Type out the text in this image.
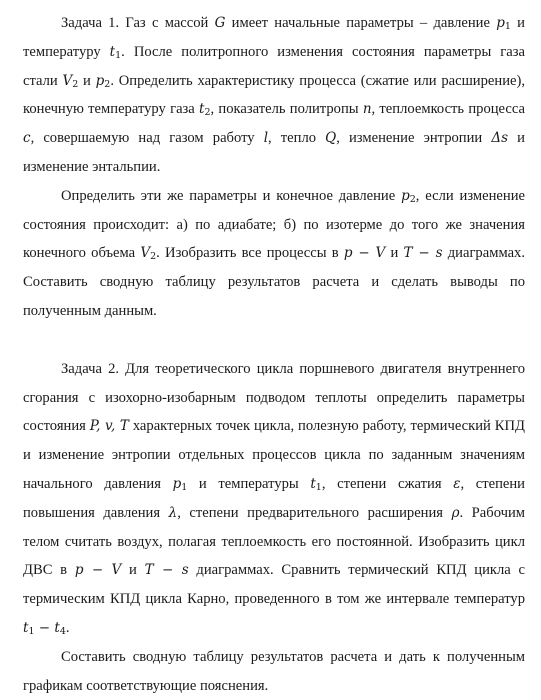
Задача 1. Газ с массой G имеет начальные параметры – давление $p_1$ и температуру $t_1$. После политропного изменения состояния параметры газа стали $V_2$ и $p_2$. Определить характеристику процесса (сжатие или расширение), конечную температуру газа $t_2$, показатель политропы n, теплоемкость процесса c, совершаемую над газом работу l, тепло Q, изменение энтропии Δs и изменение энтальпии.

Определить эти же параметры и конечное давление $p_2$, если изменение состояния происходит: а) по адиабате; б) по изотерме до того же значения конечного объема $V_2$. Изобразить все процессы в p − V и T − s диаграммах. Составить сводную таблицу результатов расчета и сделать выводы по полученным данным.

Задача 2. Для теоретического цикла поршневого двигателя внутреннего сгорания с изохорно-изобарным подводом теплоты определить параметры состояния P, v, T характерных точек цикла, полезную работу, термический КПД и изменение энтропии отдельных процессов цикла по заданным значениям начального давления $p_1$ и температуры $t_1$, степени сжатия ε, степени повышения давления λ, степени предварительного расширения ρ. Рабочим телом считать воздух, полагая теплоемкость его постоянной. Изобразить цикл ДВС в p − V и T − s диаграммах. Сравнить термический КПД цикла с термическим КПД цикла Карно, проведенного в том же интервале температур $t_1 - t_4$.

Составить сводную таблицу результатов расчета и дать к полученным графикам соответствующие пояснения.
